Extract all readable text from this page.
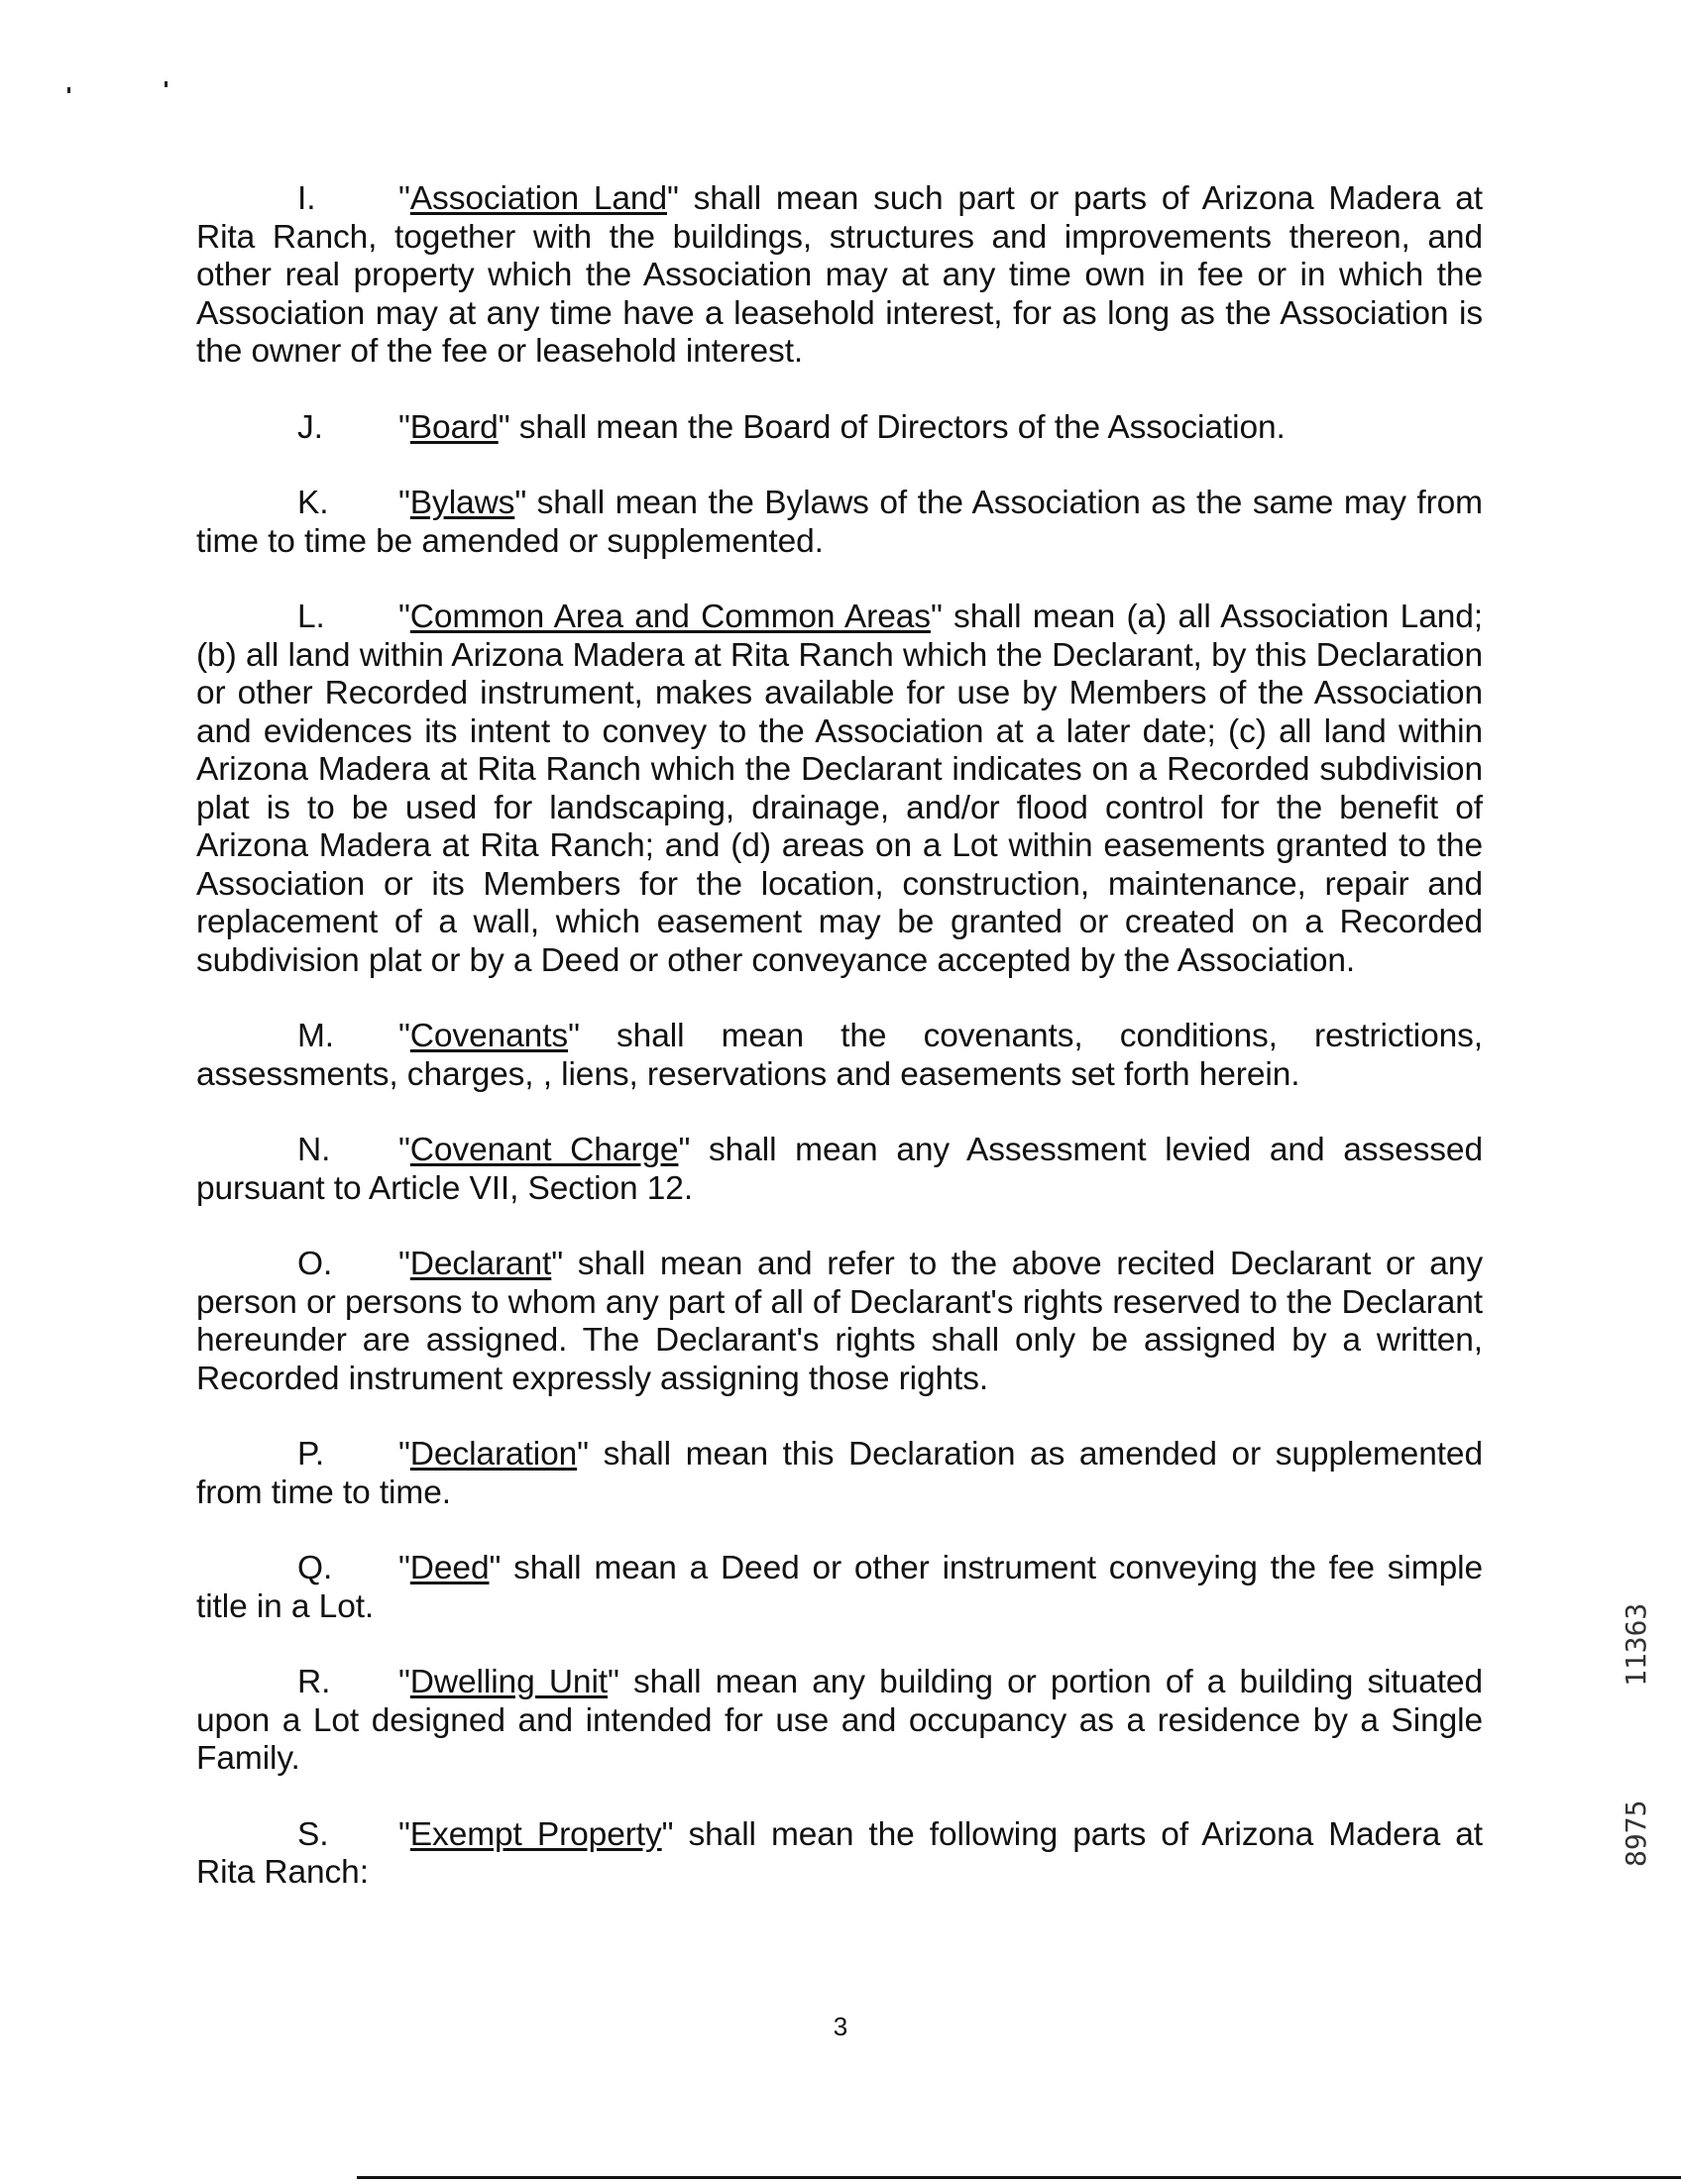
I. "Association Land" shall mean such part or parts of Arizona Madera at Rita Ranch, together with the buildings, structures and improvements thereon, and other real property which the Association may at any time own in fee or in which the Association may at any time have a leasehold interest, for as long as the Association is the owner of the fee or leasehold interest.

J. "Board" shall mean the Board of Directors of the Association.

K. "Bylaws" shall mean the Bylaws of the Association as the same may from time to time be amended or supplemented.

L. "Common Area and Common Areas" shall mean (a) all Association Land; (b) all land within Arizona Madera at Rita Ranch which the Declarant, by this Declaration or other Recorded instrument, makes available for use by Members of the Association and evidences its intent to convey to the Association at a later date; (c) all land within Arizona Madera at Rita Ranch which the Declarant indicates on a Recorded subdivision plat is to be used for landscaping, drainage, and/or flood control for the benefit of Arizona Madera at Rita Ranch; and (d) areas on a Lot within easements granted to the Association or its Members for the location, construction, maintenance, repair and replacement of a wall, which easement may be granted or created on a Recorded subdivision plat or by a Deed or other conveyance accepted by the Association.

M. "Covenants" shall mean the covenants, conditions, restrictions, assessments, charges, , liens, reservations and easements set forth herein.

N. "Covenant Charge" shall mean any Assessment levied and assessed pursuant to Article VII, Section 12.

O. "Declarant" shall mean and refer to the above recited Declarant or any person or persons to whom any part of all of Declarant's rights reserved to the Declarant hereunder are assigned. The Declarant's rights shall only be assigned by a written, Recorded instrument expressly assigning those rights.

P. "Declaration" shall mean this Declaration as amended or supplemented from time to time.

Q. "Deed" shall mean a Deed or other instrument conveying the fee simple title in a Lot.

R. "Dwelling Unit" shall mean any building or portion of a building situated upon a Lot designed and intended for use and occupancy as a residence by a Single Family.

S. "Exempt Property" shall mean the following parts of Arizona Madera at Rita Ranch:

11363
8975
3
